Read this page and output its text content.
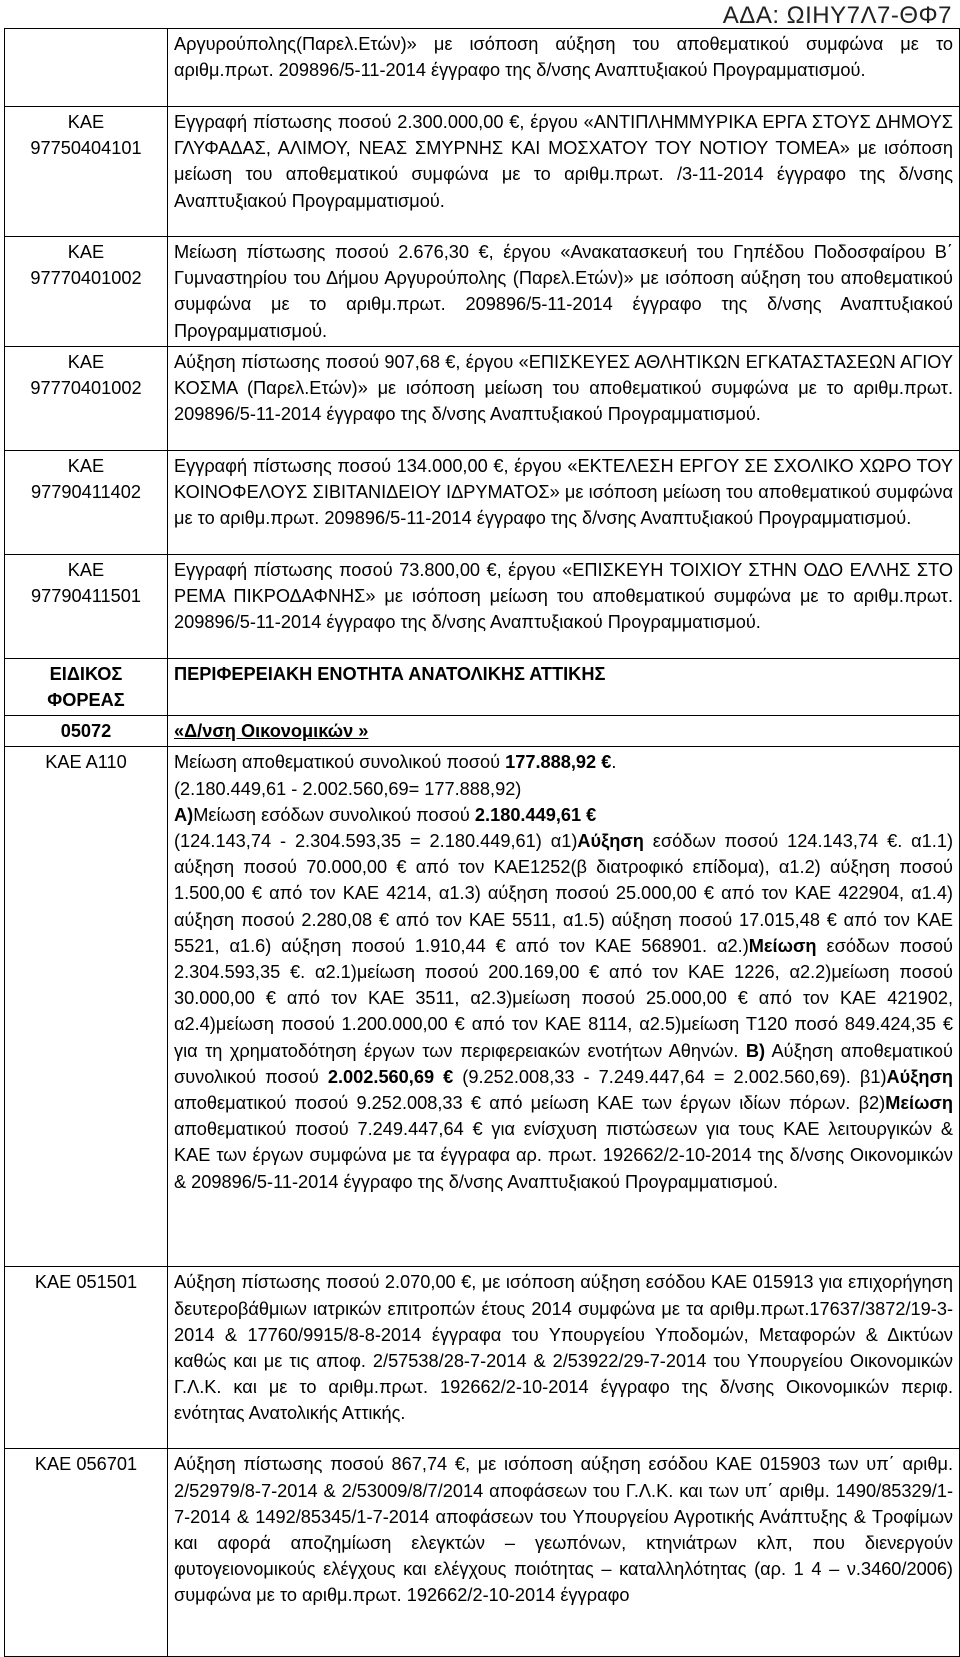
ΑΔΑ: ΩΙΗΥ7Λ7-ΘΦ7
	Αργυρούπολης(Παρελ.Ετών)» με ισόποση αύξηση του αποθεματικού συμφώνα με το αριθμ.πρωτ. 209896/5-11-2014 έγγραφο της δ/νσης Αναπτυξιακού Προγραμματισμού.
ΚΑΕ 97750404101	Εγγραφή πίστωσης ποσού 2.300.000,00 €, έργου «ΑΝΤΙΠΛΗΜΜΥΡΙΚΑ ΕΡΓΑ ΣΤΟΥΣ ΔΗΜΟΥΣ ΓΛΥΦΑΔΑΣ, ΑΛΙΜΟΥ, ΝΕΑΣ ΣΜΥΡΝΗΣ ΚΑΙ ΜΟΣΧΑΤΟΥ ΤΟΥ ΝΟΤΙΟΥ ΤΟΜΕΑ» με ισόποση μείωση του αποθεματικού συμφώνα με το αριθμ.πρωτ. /3-11-2014 έγγραφο της δ/νσης Αναπτυξιακού Προγραμματισμού.
ΚΑΕ 97770401002	Μείωση πίστωσης ποσού 2.676,30 €, έργου «Ανακατασκευή του Γηπέδου Ποδοσφαίρου Β΄ Γυμναστηρίου του Δήμου Αργυρούπολης (Παρελ.Ετών)» με ισόποση αύξηση του αποθεματικού συμφώνα με το αριθμ.πρωτ. 209896/5-11-2014 έγγραφο της δ/νσης Αναπτυξιακού Προγραμματισμού.
ΚΑΕ 97770401002	Αύξηση πίστωσης ποσού 907,68 €, έργου «ΕΠΙΣΚΕΥΕΣ ΑΘΛΗΤΙΚΩΝ ΕΓΚΑΤΑΣΤΑΣΕΩΝ ΑΓΙΟΥ ΚΟΣΜΑ (Παρελ.Ετών)» με ισόποση μείωση του αποθεματικού συμφώνα με το αριθμ.πρωτ. 209896/5-11-2014 έγγραφο της δ/νσης Αναπτυξιακού Προγραμματισμού.
ΚΑΕ 97790411402	Εγγραφή πίστωσης ποσού 134.000,00 €, έργου «ΕΚΤΕΛΕΣΗ ΕΡΓΟΥ ΣΕ ΣΧΟΛΙΚΟ ΧΩΡΟ ΤΟΥ ΚΟΙΝΟΦΕΛΟΥΣ ΣΙΒΙΤΑΝΙΔΕΙΟΥ ΙΔΡΥΜΑΤΟΣ» με ισόποση μείωση του αποθεματικού συμφώνα με το αριθμ.πρωτ. 209896/5-11-2014 έγγραφο της δ/νσης Αναπτυξιακού Προγραμματισμού.
ΚΑΕ 97790411501	Εγγραφή πίστωσης ποσού 73.800,00 €, έργου «ΕΠΙΣΚΕΥΗ ΤΟΙΧΙΟΥ ΣΤΗΝ ΟΔΟ ΕΛΛΗΣ ΣΤΟ ΡΕΜΑ ΠΙΚΡΟΔΑΦΝΗΣ» με ισόποση μείωση του αποθεματικού συμφώνα με το αριθμ.πρωτ. 209896/5-11-2014 έγγραφο της δ/νσης Αναπτυξιακού Προγραμματισμού.
ΕΙΔΙΚΟΣ ΦΟΡΕΑΣ	ΠΕΡΙΦΕΡΕΙΑΚΗ ΕΝΟΤΗΤΑ ΑΝΑΤΟΛΙΚΗΣ ΑΤΤΙΚΗΣ
05072	«Δ/νση Οικονομικών »
ΚΑΕ Α110	Μείωση αποθεματικού συνολικού ποσού 177.888,92 €.
(2.180.449,61 - 2.002.560,69= 177.888,92)
Α)Μείωση εσόδων συνολικού ποσού 2.180.449,61 €
(124.143,74 - 2.304.593,35 = 2.180.449,61) α1)Αύξηση εσόδων ποσού 124.143,74 €. α1.1) αύξηση ποσού 70.000,00 € από τον ΚΑΕ1252(β διατροφικό επίδομα), α1.2) αύξηση ποσού 1.500,00 € από τον ΚΑΕ 4214, α1.3) αύξηση ποσού 25.000,00 € από τον ΚΑΕ 422904, α1.4) αύξηση ποσού 2.280,08 € από τον ΚΑΕ 5511, α1.5) αύξηση ποσού 17.015,48 € από τον ΚΑΕ 5521, α1.6) αύξηση ποσού 1.910,44 € από τον ΚΑΕ 568901. α2.)Μείωση εσόδων ποσού 2.304.593,35 €. α2.1)μείωση ποσού 200.169,00 € από τον ΚΑΕ 1226, α2.2)μείωση ποσού 30.000,00 € από τον ΚΑΕ 3511, α2.3)μείωση ποσού 25.000,00 € από τον ΚΑΕ 421902, α2.4)μείωση ποσού 1.200.000,00 € από τον ΚΑΕ 8114, α2.5)μείωση Τ120 ποσό 849.424,35 € για τη χρηματοδότηση έργων των περιφερειακών ενοτήτων Αθηνών. Β) Αύξηση αποθεματικού συνολικού ποσού 2.002.560,69 € (9.252.008,33 - 7.249.447,64 = 2.002.560,69). β1)Αύξηση αποθεματικού ποσού 9.252.008,33 € από μείωση ΚΑΕ των έργων ιδίων πόρων. β2)Μείωση αποθεματικού ποσού 7.249.447,64 € για ενίσχυση πιστώσεων για τους ΚΑΕ λειτουργικών & ΚΑΕ των έργων συμφώνα με τα έγγραφα αρ. πρωτ. 192662/2-10-2014 της δ/νσης Οικονομικών & 209896/5-11-2014 έγγραφο της δ/νσης Αναπτυξιακού Προγραμματισμού.

ΚΑΕ 051501	Αύξηση πίστωσης ποσού 2.070,00 €, με ισόποση αύξηση εσόδου ΚΑΕ 015913 για επιχορήγηση δευτεροβάθμιων ιατρικών επιτροπών έτους 2014 συμφώνα με τα αριθμ.πρωτ.17637/3872/19-3-2014 & 17760/9915/8-8-2014 έγγραφα του Υπουργείου Υποδομών, Μεταφορών & Δικτύων καθώς και με τις αποφ. 2/57538/28-7-2014 & 2/53922/29-7-2014 του Υπουργείου Οικονομικών Γ.Λ.Κ. και με το αριθμ.πρωτ. 192662/2-10-2014 έγγραφο της δ/νσης Οικονομικών περιφ. ενότητας Ανατολικής Αττικής.
ΚΑΕ 056701	Αύξηση πίστωσης ποσού 867,74 €, με ισόποση αύξηση εσόδου ΚΑΕ 015903 των υπ΄ αριθμ. 2/52979/8-7-2014 & 2/53009/8/7/2014 αποφάσεων του Γ.Λ.Κ. και των υπ΄ αριθμ. 1490/85329/1-7-2014 & 1492/85345/1-7-2014 αποφάσεων του Υπουργείου Αγροτικής Ανάπτυξης & Τροφίμων και αφορά αποζημίωση ελεγκτών – γεωπόνων, κτηνιάτρων κλπ, που διενεργούν φυτογειονομικούς ελέγχους και ελέγχους ποιότητας – καταλληλότητας (αρ. 1 4 – ν.3460/2006) συμφώνα με το αριθμ.πρωτ. 192662/2-10-2014 έγγραφο
